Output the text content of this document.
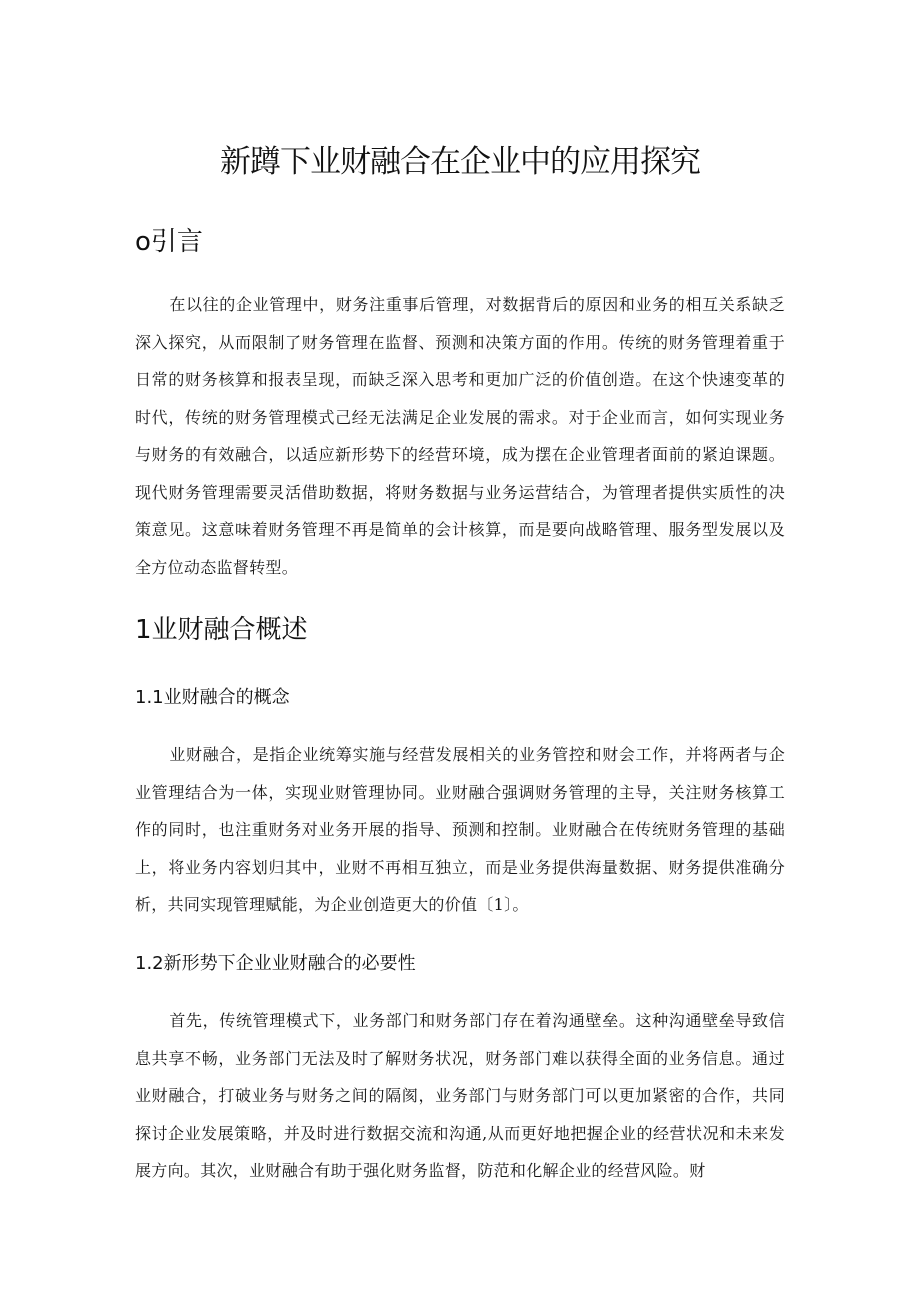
新蹲下业财融合在企业中的应用探究
o引言

在以往的企业管理中，财务注重事后管理，对数据背后的原因和业务的相互关系缺乏深入探究，从而限制了财务管理在监督、预测和决策方面的作用。传统的财务管理着重于日常的财务核算和报表呈现，而缺乏深入思考和更加广泛的价值创造。在这个快速变革的时代，传统的财务管理模式己经无法满足企业发展的需求。对于企业而言，如何实现业务与财务的有效融合，以适应新形势下的经营环境，成为摆在企业管理者面前的紧迫课题。现代财务管理需要灵活借助数据，将财务数据与业务运营结合，为管理者提供实质性的决策意见。这意味着财务管理不再是简单的会计核算，而是要向战略管理、服务型发展以及全方位动态监督转型。

1业财融合概述
1.1业财融合的概念

业财融合，是指企业统筹实施与经营发展相关的业务管控和财会工作，并将两者与企业管理结合为一体，实现业财管理协同。业财融合强调财务管理的主导，关注财务核算工作的同时，也注重财务对业务开展的指导、预测和控制。业财融合在传统财务管理的基础上，将业务内容划归其中，业财不再相互独立，而是业务提供海量数据、财务提供准确分析，共同实现管理赋能，为企业创造更大的价值〔1〕。

1.2新形势下企业业财融合的必要性

首先，传统管理模式下，业务部门和财务部门存在着沟通壁垒。这种沟通壁垒导致信息共享不畅，业务部门无法及时了解财务状况，财务部门难以获得全面的业务信息。通过业财融合，打破业务与财务之间的隔阂，业务部门与财务部门可以更加紧密的合作，共同探讨企业发展策略，并及时进行数据交流和沟通,从而更好地把握企业的经营状况和未来发展方向。其次，业财融合有助于强化财务监督，防范和化解企业的经营风险。财
